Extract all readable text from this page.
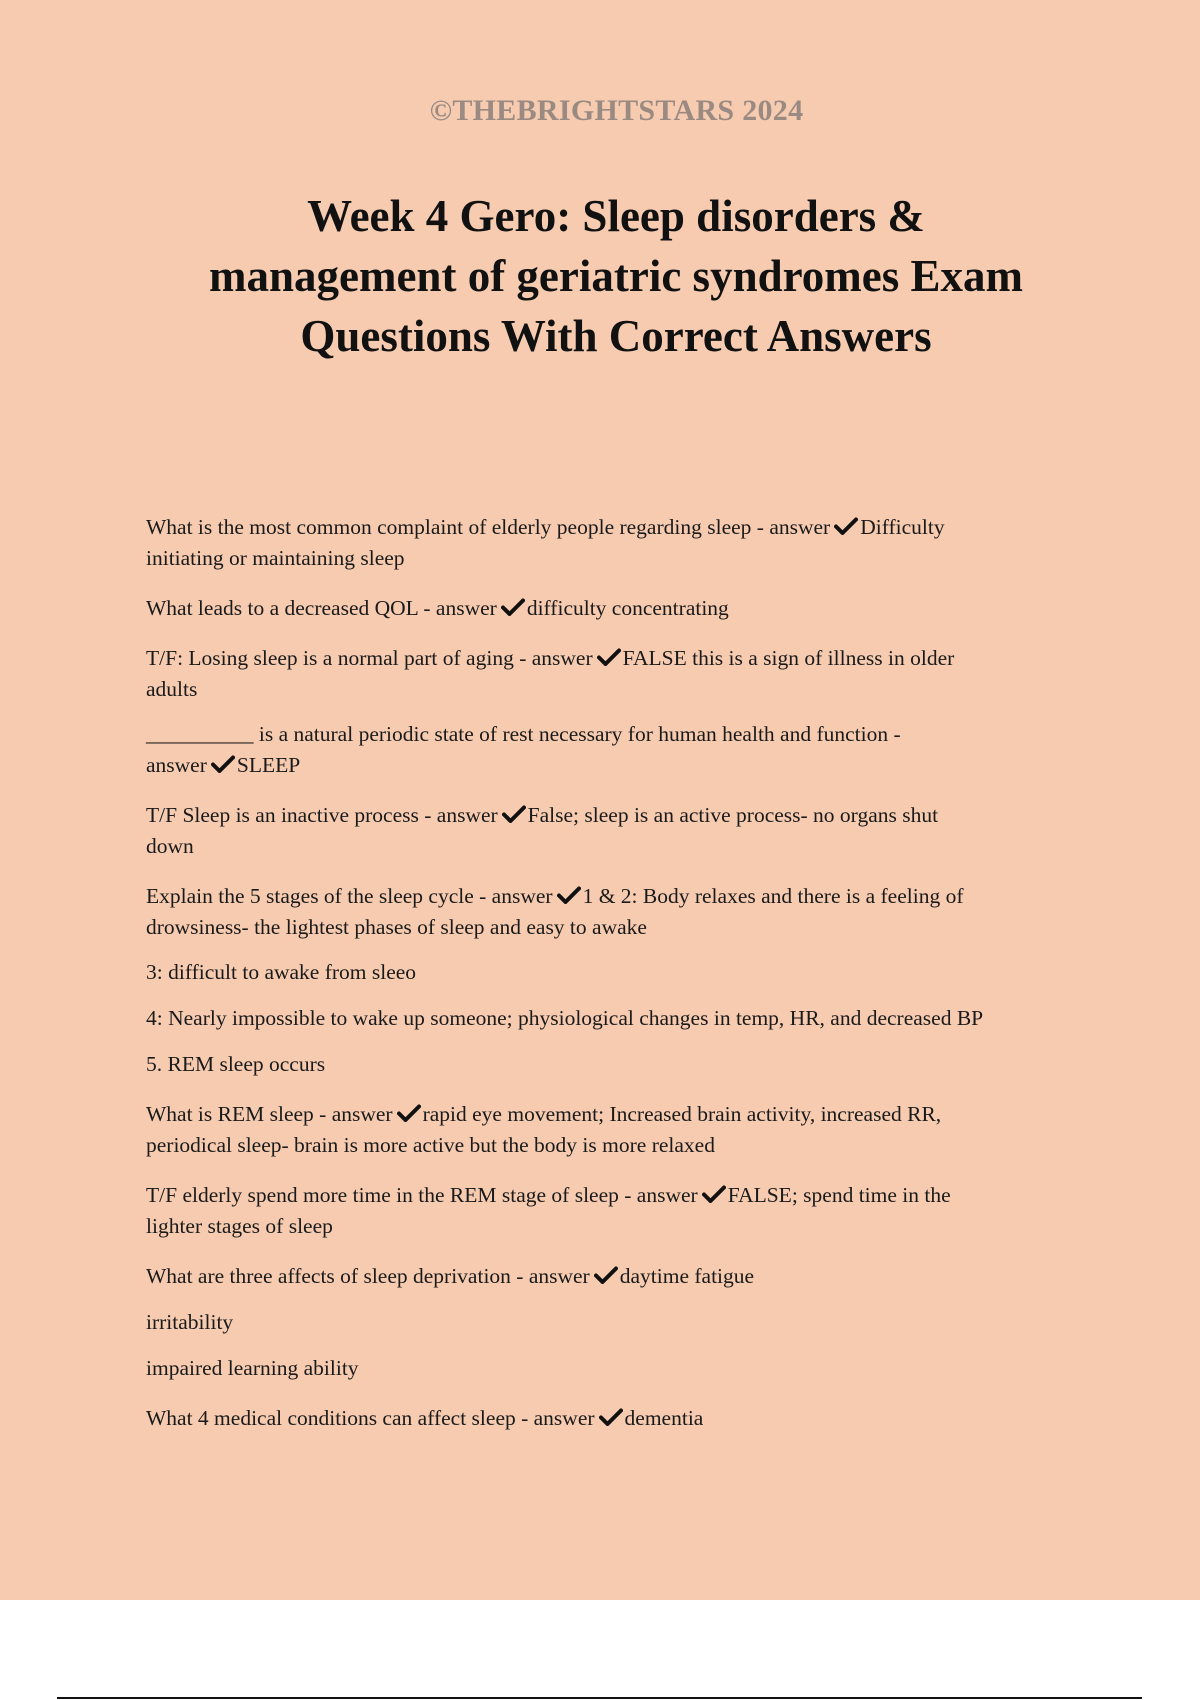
©THEBRIGHTSTARS 2024
Week 4 Gero: Sleep disorders &
management of geriatric syndromes Exam
Questions With Correct Answers

What is the most common complaint of elderly people regarding sleep - answer Difficulty
initiating or maintaining sleep

What leads to a decreased QOL - answer difficulty concentrating

T/F: Losing sleep is a normal part of aging - answer FALSE this is a sign of illness in older
adults

__________ is a natural periodic state of rest necessary for human health and function -
answer SLEEP

T/F Sleep is an inactive process - answer False; sleep is an active process- no organs shut
down

Explain the 5 stages of the sleep cycle - answer 1 & 2: Body relaxes and there is a feeling of
drowsiness- the lightest phases of sleep and easy to awake

3: difficult to awake from sleeo

4: Nearly impossible to wake up someone; physiological changes in temp, HR, and decreased BP

5. REM sleep occurs

What is REM sleep - answer rapid eye movement; Increased brain activity, increased RR,
periodical sleep- brain is more active but the body is more relaxed

T/F elderly spend more time in the REM stage of sleep - answer FALSE; spend time in the
lighter stages of sleep

What are three affects of sleep deprivation - answer daytime fatigue

irritability

impaired learning ability

What 4 medical conditions can affect sleep - answer dementia
